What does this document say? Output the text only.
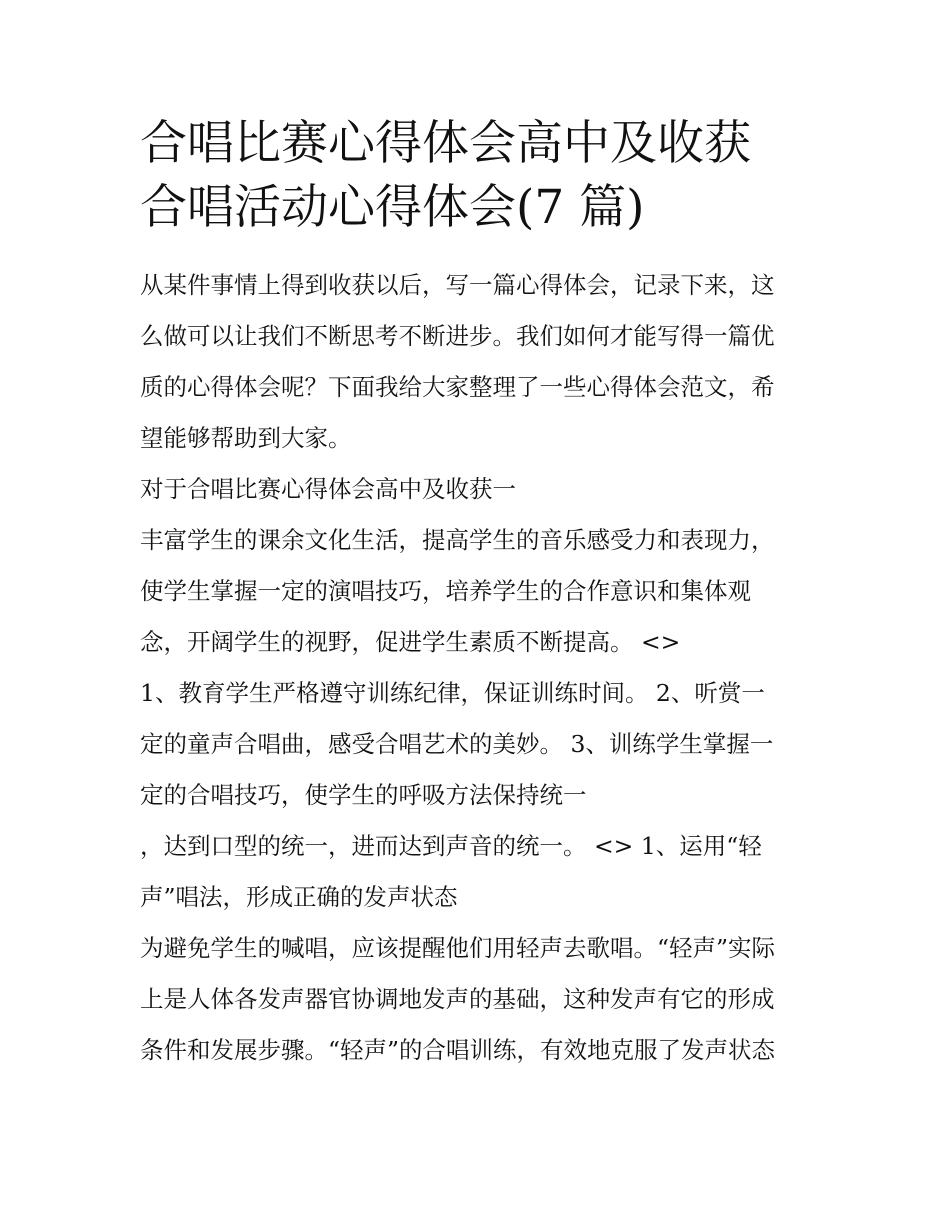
合唱比赛心得体会高中及收获
合唱活动心得体会(7 篇)
从某件事情上得到收获以后，写一篇心得体会，记录下来，这
么做可以让我们不断思考不断进步。我们如何才能写得一篇优
质的心得体会呢？下面我给大家整理了一些心得体会范文，希
望能够帮助到大家。
对于合唱比赛心得体会高中及收获一
丰富学生的课余文化生活，提高学生的音乐感受力和表现力，
使学生掌握一定的演唱技巧，培养学生的合作意识和集体观
念，开阔学生的视野，促进学生素质不断提高。 <>
1、教育学生严格遵守训练纪律，保证训练时间。 2、听赏一
定的童声合唱曲，感受合唱艺术的美妙。 3、训练学生掌握一
定的合唱技巧，使学生的呼吸方法保持统一
，达到口型的统一，进而达到声音的统一。 <> 1、运用“轻
声”唱法，形成正确的发声状态
为避免学生的喊唱，应该提醒他们用轻声去歌唱。“轻声”实际
上是人体各发声器官协调地发声的基础，这种发声有它的形成
条件和发展步骤。“轻声”的合唱训练，有效地克服了发声状态
